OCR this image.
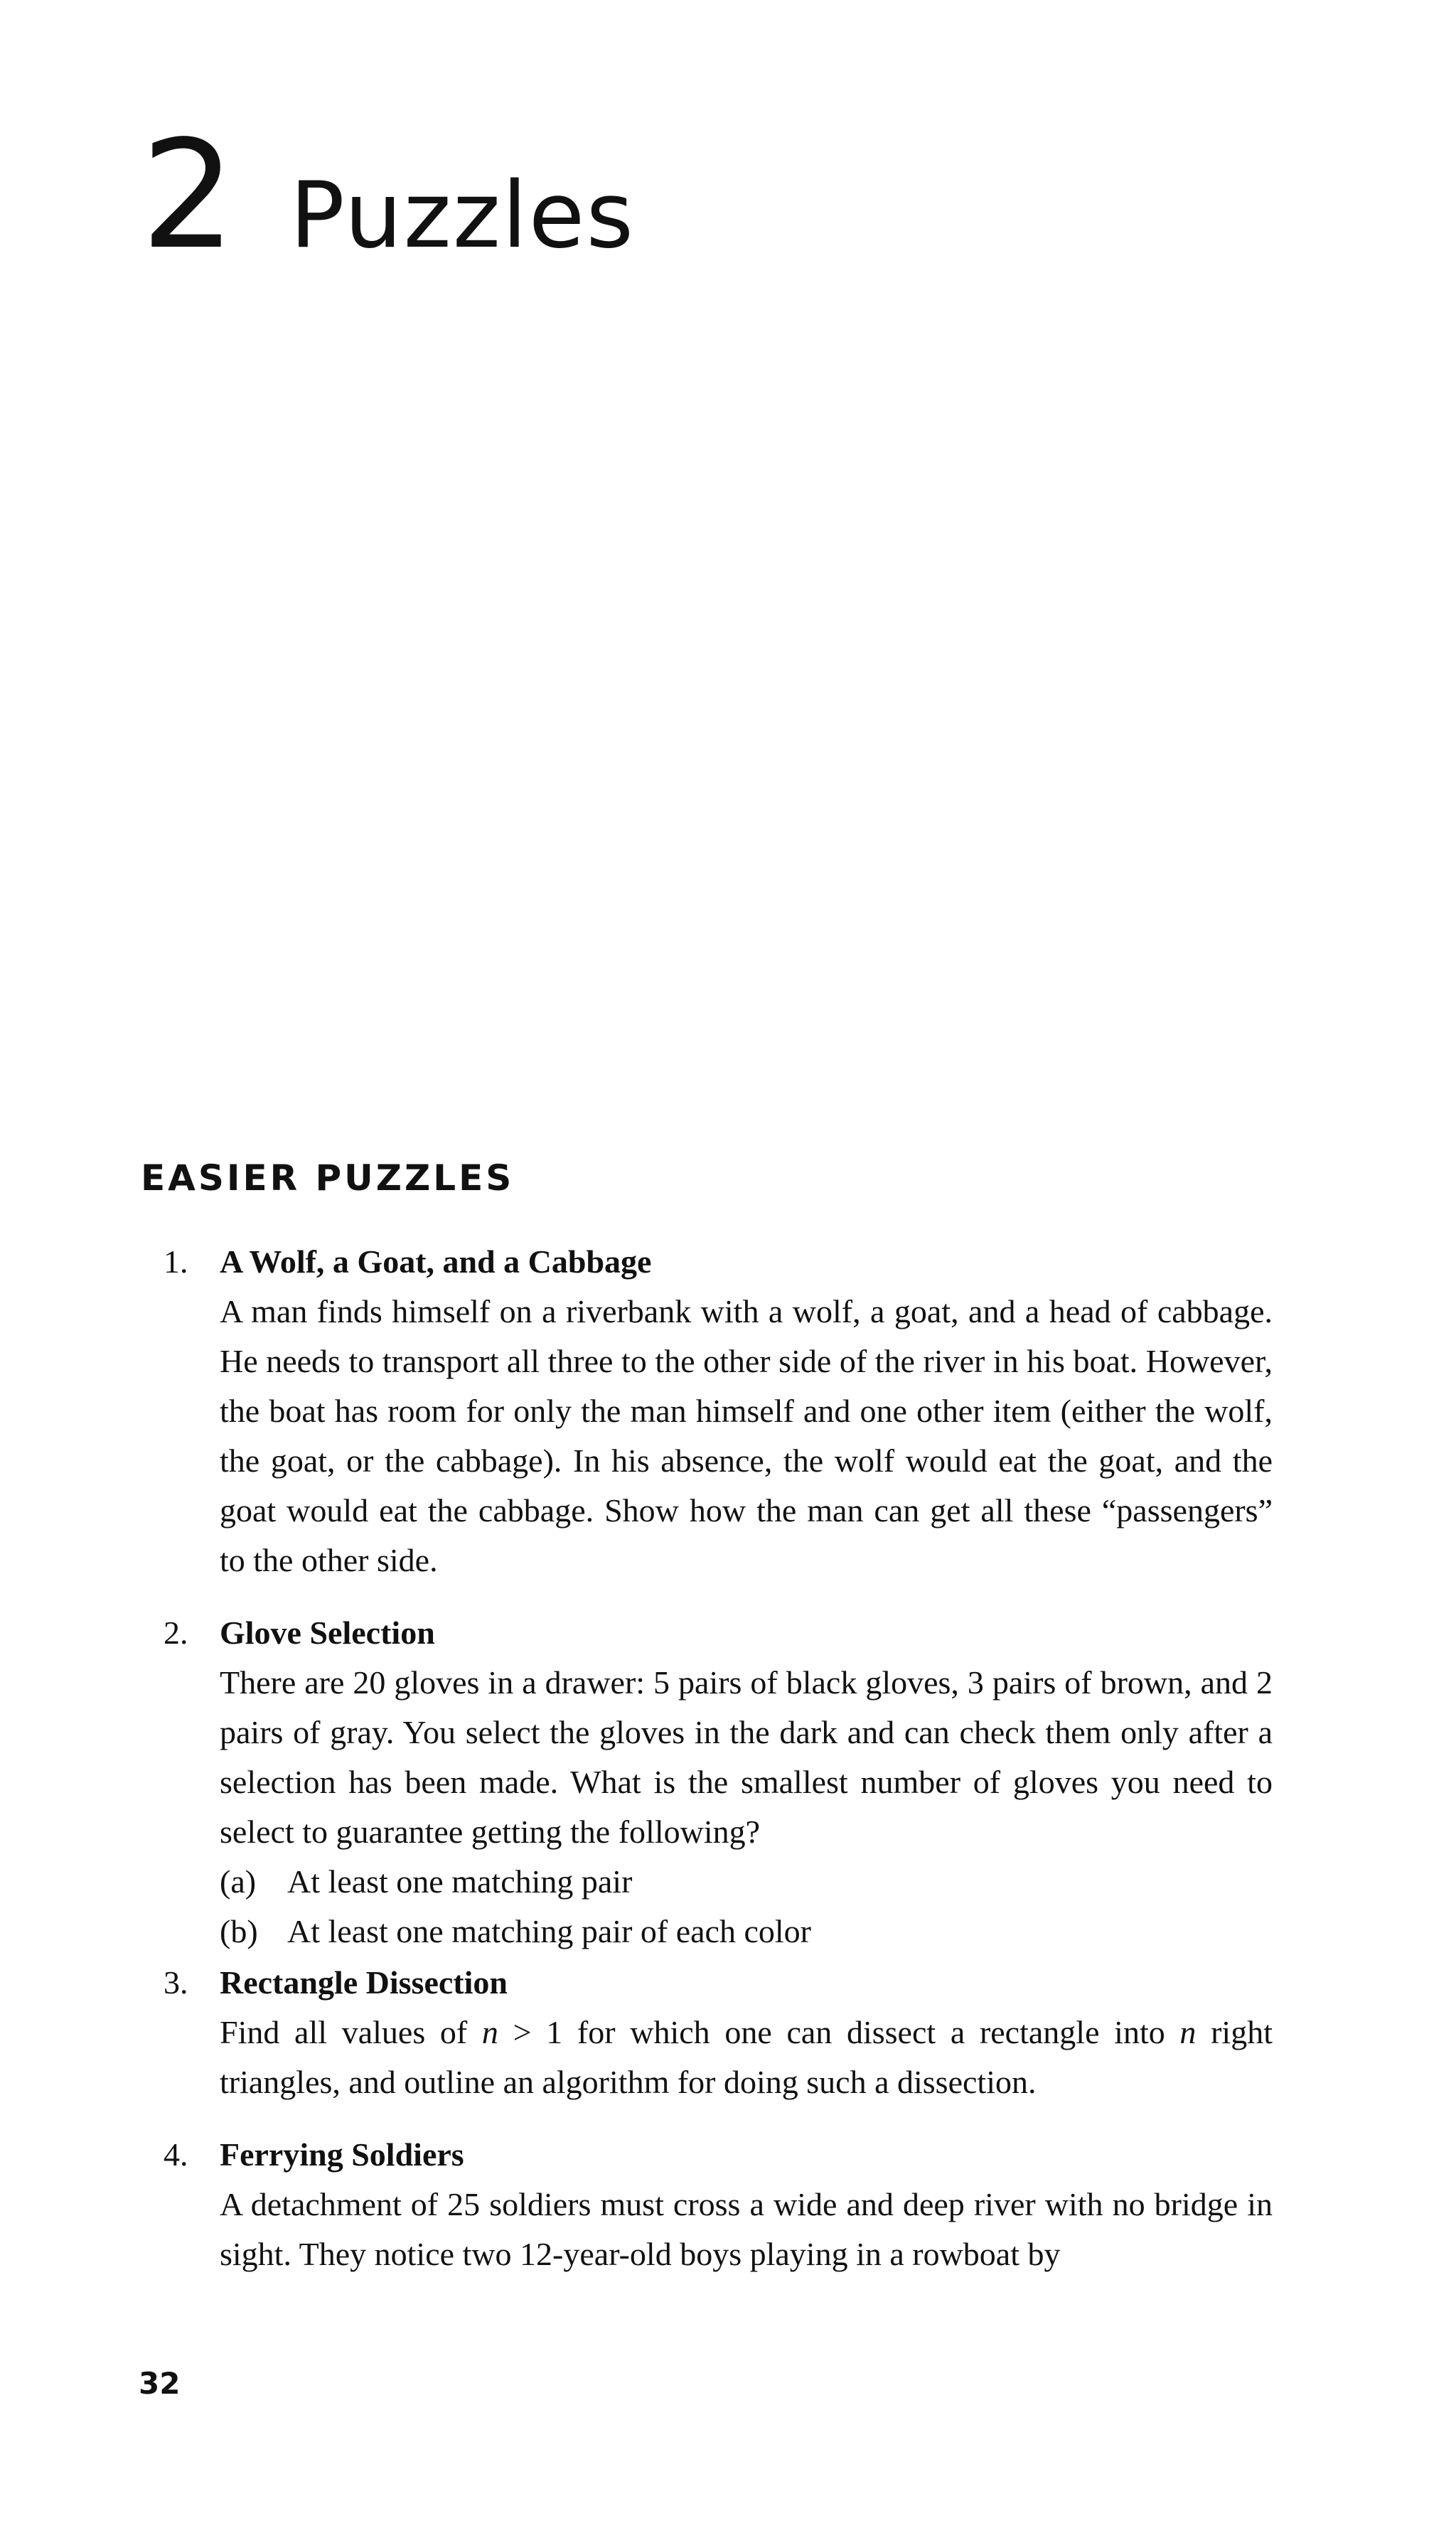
2 Puzzles
EASIER PUZZLES
1. A Wolf, a Goat, and a Cabbage
A man finds himself on a riverbank with a wolf, a goat, and a head of cabbage. He needs to transport all three to the other side of the river in his boat. However, the boat has room for only the man himself and one other item (either the wolf, the goat, or the cabbage). In his absence, the wolf would eat the goat, and the goat would eat the cabbage. Show how the man can get all these “passengers” to the other side.
2. Glove Selection
There are 20 gloves in a drawer: 5 pairs of black gloves, 3 pairs of brown, and 2 pairs of gray. You select the gloves in the dark and can check them only after a selection has been made. What is the smallest number of gloves you need to select to guarantee getting the following?
(a) At least one matching pair
(b) At least one matching pair of each color
3. Rectangle Dissection
Find all values of n > 1 for which one can dissect a rectangle into n right triangles, and outline an algorithm for doing such a dissection.
4. Ferrying Soldiers
A detachment of 25 soldiers must cross a wide and deep river with no bridge in sight. They notice two 12-year-old boys playing in a rowboat by
32
